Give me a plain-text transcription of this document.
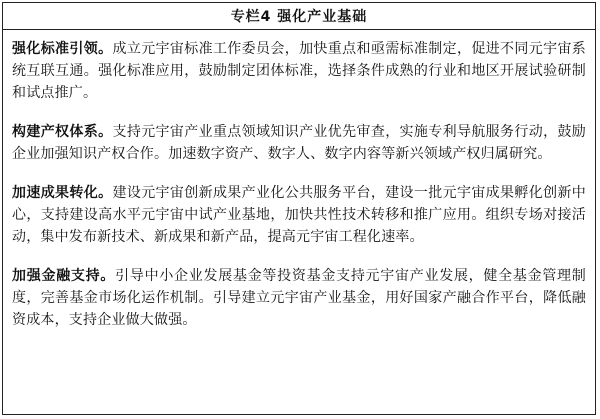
专栏4 强化产业基础

强化标准引领。成立元宇宙标准工作委员会，加快重点和亟需标准制定，促进不同元宇宙系统互联互通。强化标准应用，鼓励制定团体标准，选择条件成熟的行业和地区开展试验研制和试点推广。

构建产权体系。支持元宇宙产业重点领域知识产业优先审查，实施专利导航服务行动，鼓励企业加强知识产权合作。加速数字资产、数字人、数字内容等新兴领域产权归属研究。

加速成果转化。建设元宇宙创新成果产业化公共服务平台，建设一批元宇宙成果孵化创新中心，支持建设高水平元宇宙中试产业基地，加快共性技术转移和推广应用。组织专场对接活动，集中发布新技术、新成果和新产品，提高元宇宙工程化速率。

加强金融支持。引导中小企业发展基金等投资基金支持元宇宙产业发展，健全基金管理制度，完善基金市场化运作机制。引导建立元宇宙产业基金，用好国家产融合作平台，降低融资成本，支持企业做大做强。
